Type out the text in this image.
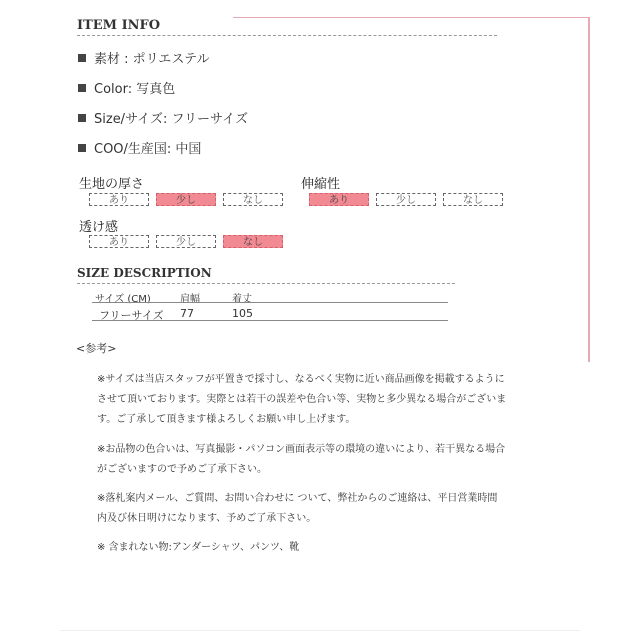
ITEM INFO
素材 : ポリエステル
Color: 写真色
Size/サイズ: フリーサイズ
COO/生産国: 中国
生地の厚さ
あり	少し	なし
伸縮性
あり	少し	なし
透け感
あり	少し	なし
SIZE DESCRIPTION
サイズ (CM)	肩幅	着丈
フリーサイズ 77	105
<参考>
※サイズは当店スタッフが平置きで採寸し、なるべく実物に近い商品画像を掲載するようにさせて頂いております。実際とは若干の誤差や色合い等、実物と多少異なる場合がございます。ご了承して頂きます様よろしくお願い申し上げます。
※お品物の色合いは、写真撮影・パソコン画面表示等の環境の違いにより、若干異なる場合がございますので予めご了承下さい。
※落札案内メール、ご質問、お問い合わせに ついて、弊社からのご連絡は、平日営業時間内及び休日明けになります、予めご了承下さい。
※ 含まれない物:アンダーシャツ、パンツ、靴
